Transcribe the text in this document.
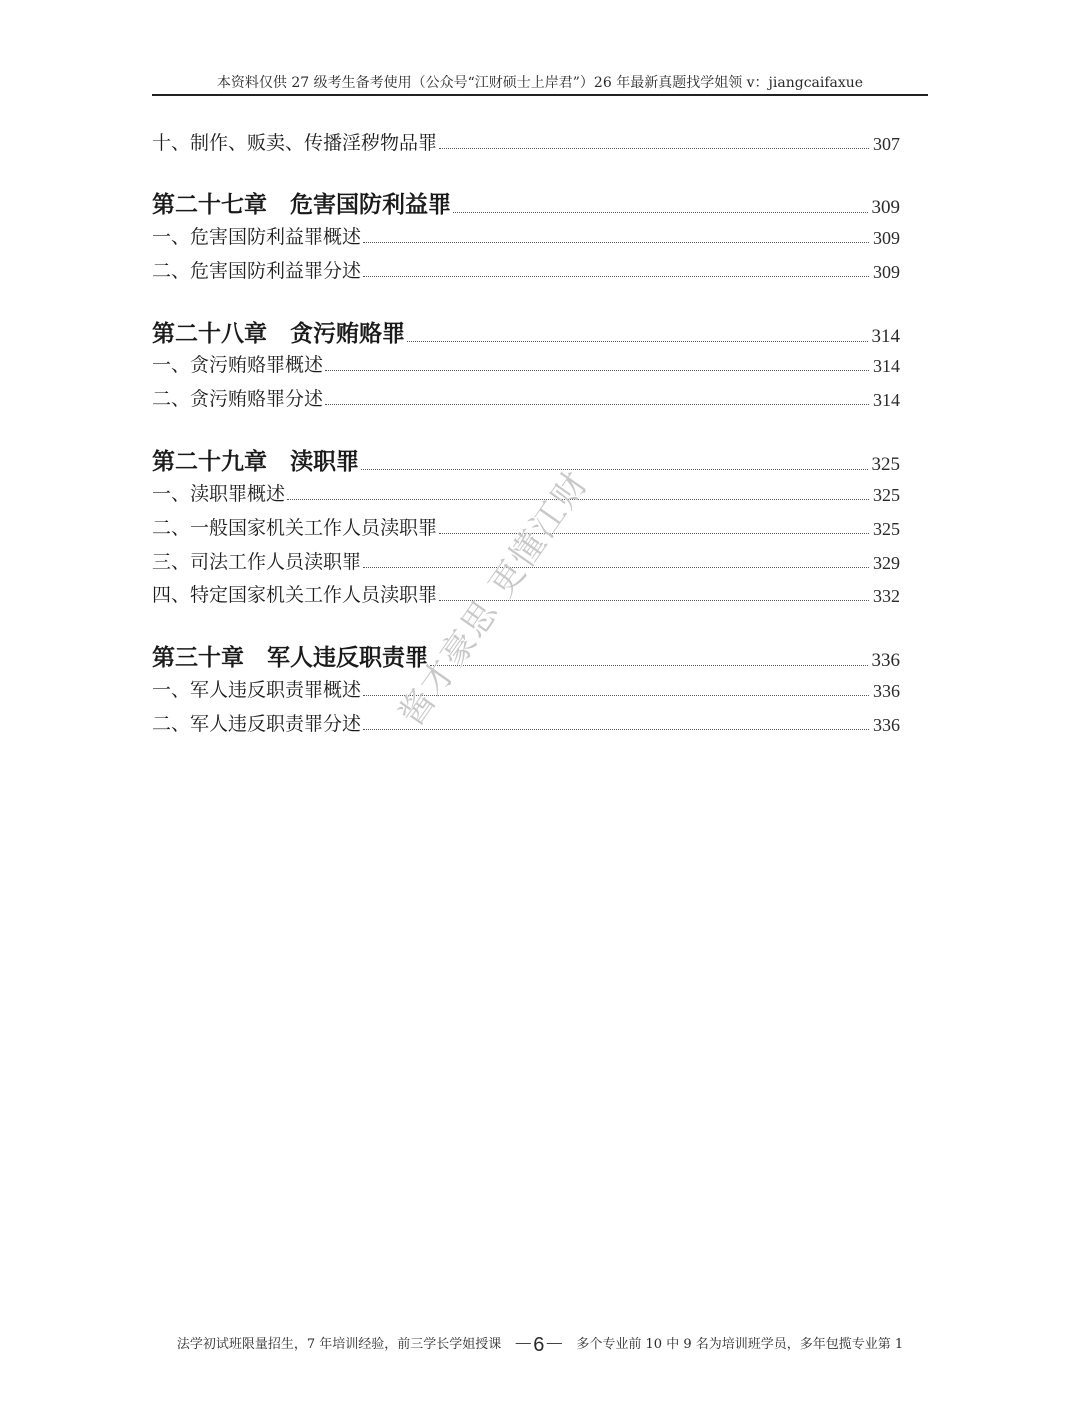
本资料仅供 27 级考生备考使用（公众号“江财硕士上岸君”）26 年最新真题找学姐领 v：jiangcaifaxue
十、制作、贩卖、传播淫秽物品罪	307
第二十七章　危害国防利益罪	309
一、危害国防利益罪概述	309
二、危害国防利益罪分述	309
第二十八章　贪污贿赂罪	314
一、贪污贿赂罪概述	314
二、贪污贿赂罪分述	314
第二十九章　渎职罪	325
一、渎职罪概述	325
二、一般国家机关工作人员渎职罪	325
三、司法工作人员渎职罪	329
四、特定国家机关工作人员渎职罪	332
第三十章　军人违反职责罪	336
一、军人违反职责罪概述	336
二、军人违反职责罪分述	336
酱才豪思 更懂江财
法学初试班限量招生，7 年培训经验，前三学长学姐授课 －6－ 多个专业前 10 中 9 名为培训班学员，多年包揽专业第 1
